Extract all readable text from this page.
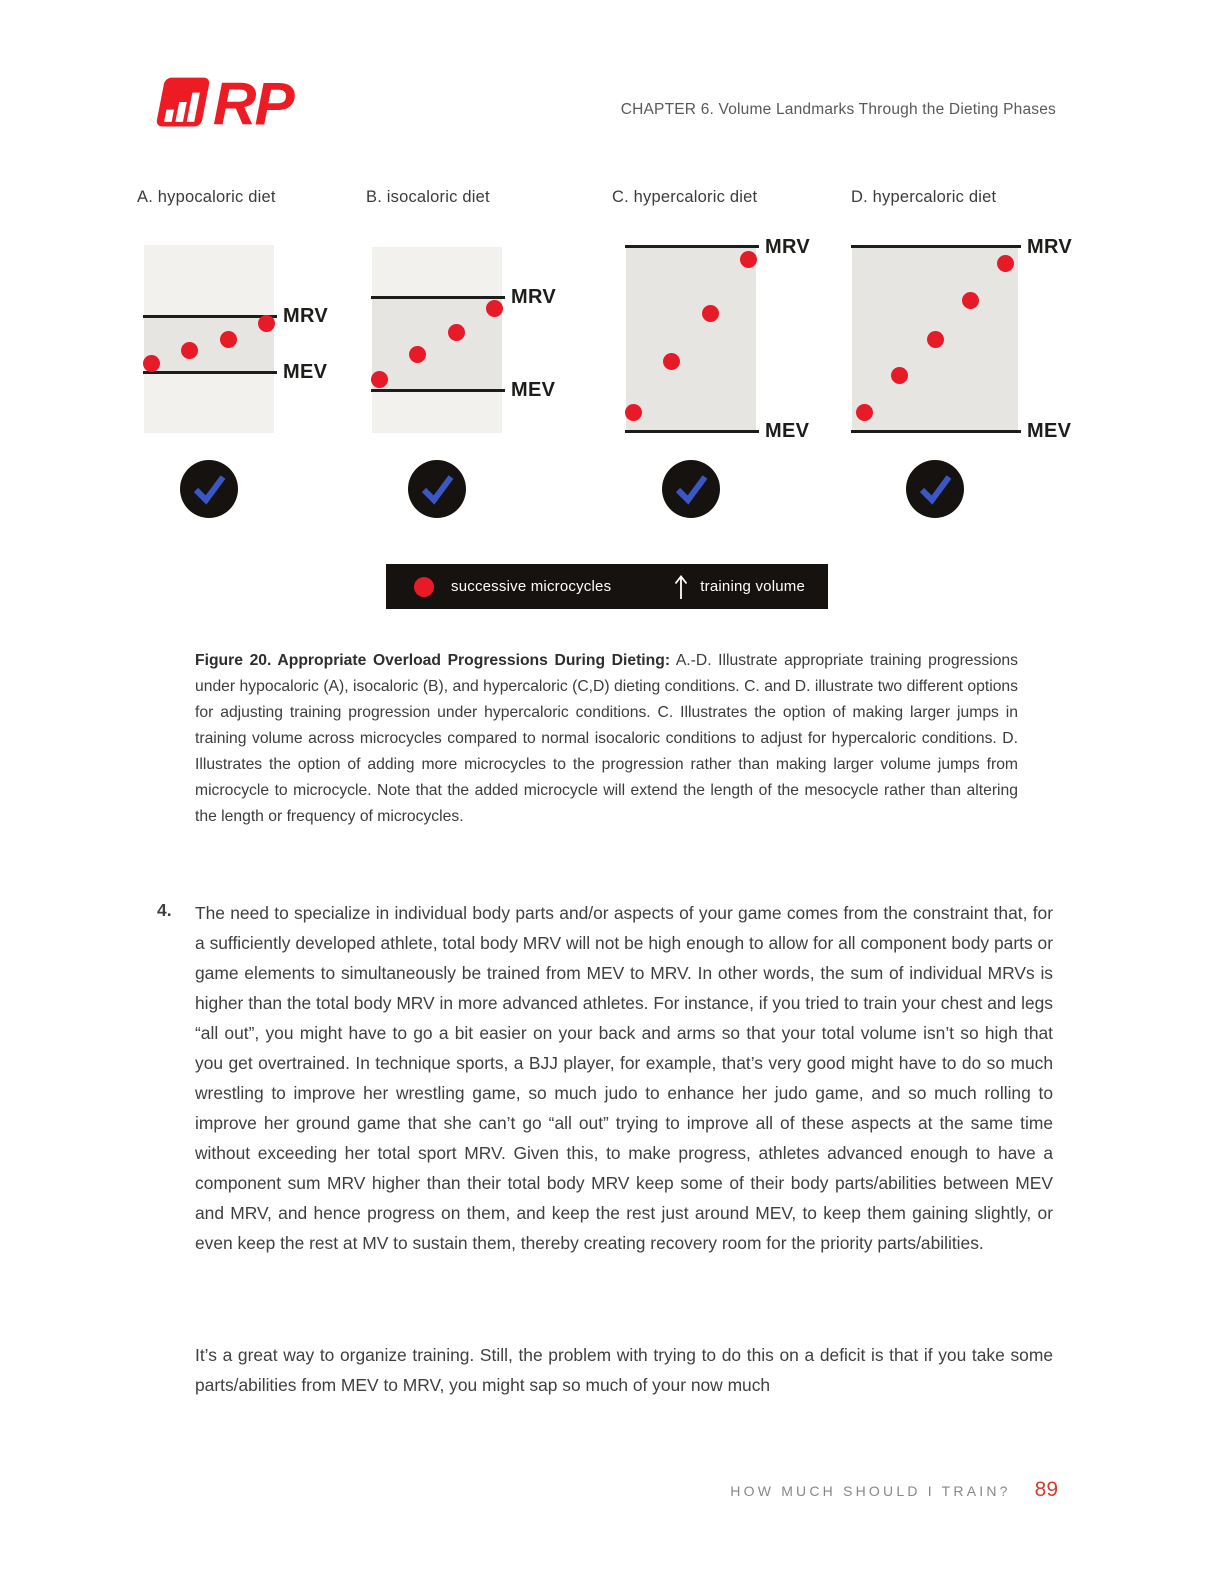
RP	CHAPTER 6. Volume Landmarks Through the Dieting Phases
A. hypocaloric diet
MRV
MEV
B. isocaloric diet
MRV
MEV
C. hypercaloric diet
MRV
MEV
D. hypercaloric diet
MRV
MEV
successive microcycles	training volume

Figure 20. Appropriate Overload Progressions During Dieting: A.-D. Illustrate appropriate training progressions under hypocaloric (A), isocaloric (B), and hypercaloric (C,D) dieting conditions. C. and D. illustrate two different options for adjusting training progression under hypercaloric conditions. C. Illustrates the option of making larger jumps in training volume across microcycles compared to normal isocaloric conditions to adjust for hypercaloric conditions. D. Illustrates the option of adding more microcycles to the progression rather than making larger volume jumps from microcycle to microcycle. Note that the added microcycle will extend the length of the mesocycle rather than altering the length or frequency of microcycles.

4. The need to specialize in individual body parts and/or aspects of your game comes from the constraint that, for a sufficiently developed athlete, total body MRV will not be high enough to allow for all component body parts or game elements to simultaneously be trained from MEV to MRV. In other words, the sum of individual MRVs is higher than the total body MRV in more advanced athletes. For instance, if you tried to train your chest and legs “all out”, you might have to go a bit easier on your back and arms so that your total volume isn’t so high that you get overtrained. In technique sports, a BJJ player, for example, that’s very good might have to do so much wrestling to improve her wrestling game, so much judo to enhance her judo game, and so much rolling to improve her ground game that she can’t go “all out” trying to improve all of these aspects at the same time without exceeding her total sport MRV. Given this, to make progress, athletes advanced enough to have a component sum MRV higher than their total body MRV keep some of their body parts/abilities between MEV and MRV, and hence progress on them, and keep the rest just around MEV, to keep them gaining slightly, or even keep the rest at MV to sustain them, thereby creating recovery room for the priority parts/abilities.

It’s a great way to organize training. Still, the problem with trying to do this on a deficit is that if you take some parts/abilities from MEV to MRV, you might sap so much of your now much

HOW MUCH SHOULD I TRAIN? 89
